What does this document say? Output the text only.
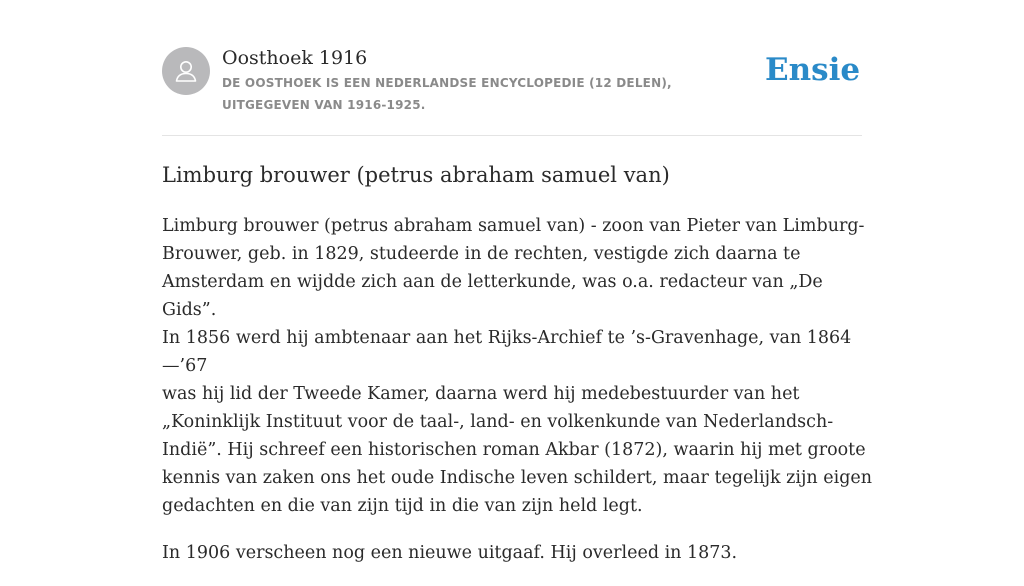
Oosthoek 1916
DE OOSTHOEK IS EEN NEDERLANDSE ENCYCLOPEDIE (12 DELEN), UITGEGEVEN VAN 1916-1925.
Ensie
Limburg brouwer (petrus abraham samuel van)

Limburg brouwer (petrus abraham samuel van) - zoon van Pieter van Limburg-
Brouwer, geb. in 1829, studeerde in de rechten, vestigde zich daarna te
Amsterdam en wijdde zich aan de letterkunde, was o.a. redacteur van „De Gids”.
In 1856 werd hij ambtenaar aan het Rijks-Archief te ’s-Gravenhage, van 1864—’67
was hij lid der Tweede Kamer, daarna werd hij medebestuurder van het
„Koninklijk Instituut voor de taal-, land- en volkenkunde van Nederlandsch-
Indië”. Hij schreef een historischen roman Akbar (1872), waarin hij met groote
kennis van zaken ons het oude Indische leven schildert, maar tegelijk zijn eigen
gedachten en die van zijn tijd in die van zijn held legt.

In 1906 verscheen nog een nieuwe uitgaaf. Hij overleed in 1873.
